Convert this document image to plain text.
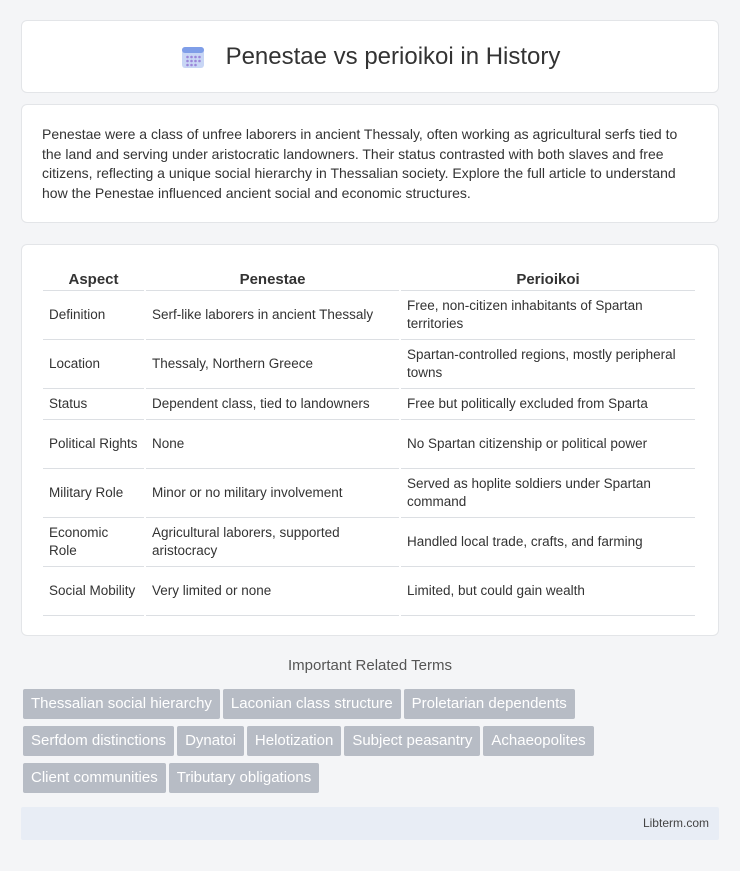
Penestae vs perioikoi in History

Penestae were a class of unfree laborers in ancient Thessaly, often working as agricultural serfs tied to the land and serving under aristocratic landowners. Their status contrasted with both slaves and free citizens, reflecting a unique social hierarchy in Thessalian society. Explore the full article to understand how the Penestae influenced ancient social and economic structures.

Aspect	Penestae	Perioikoi
Definition	Serf-like laborers in ancient Thessaly	Free, non-citizen inhabitants of Spartan territories
Location	Thessaly, Northern Greece	Spartan-controlled regions, mostly peripheral towns
Status	Dependent class, tied to landowners	Free but politically excluded from Sparta
Political Rights	None	No Spartan citizenship or political power
Military Role	Minor or no military involvement	Served as hoplite soldiers under Spartan command
Economic Role	Agricultural laborers, supported aristocracy	Handled local trade, crafts, and farming
Social Mobility	Very limited or none	Limited, but could gain wealth
Important Related Terms
Thessalian social hierarchy Laconian class structure Proletarian dependents
Serfdom distinctions Dynatoi Helotization Subject peasantry Achaeopolites
Client communities Tributary obligations
Libterm.com
